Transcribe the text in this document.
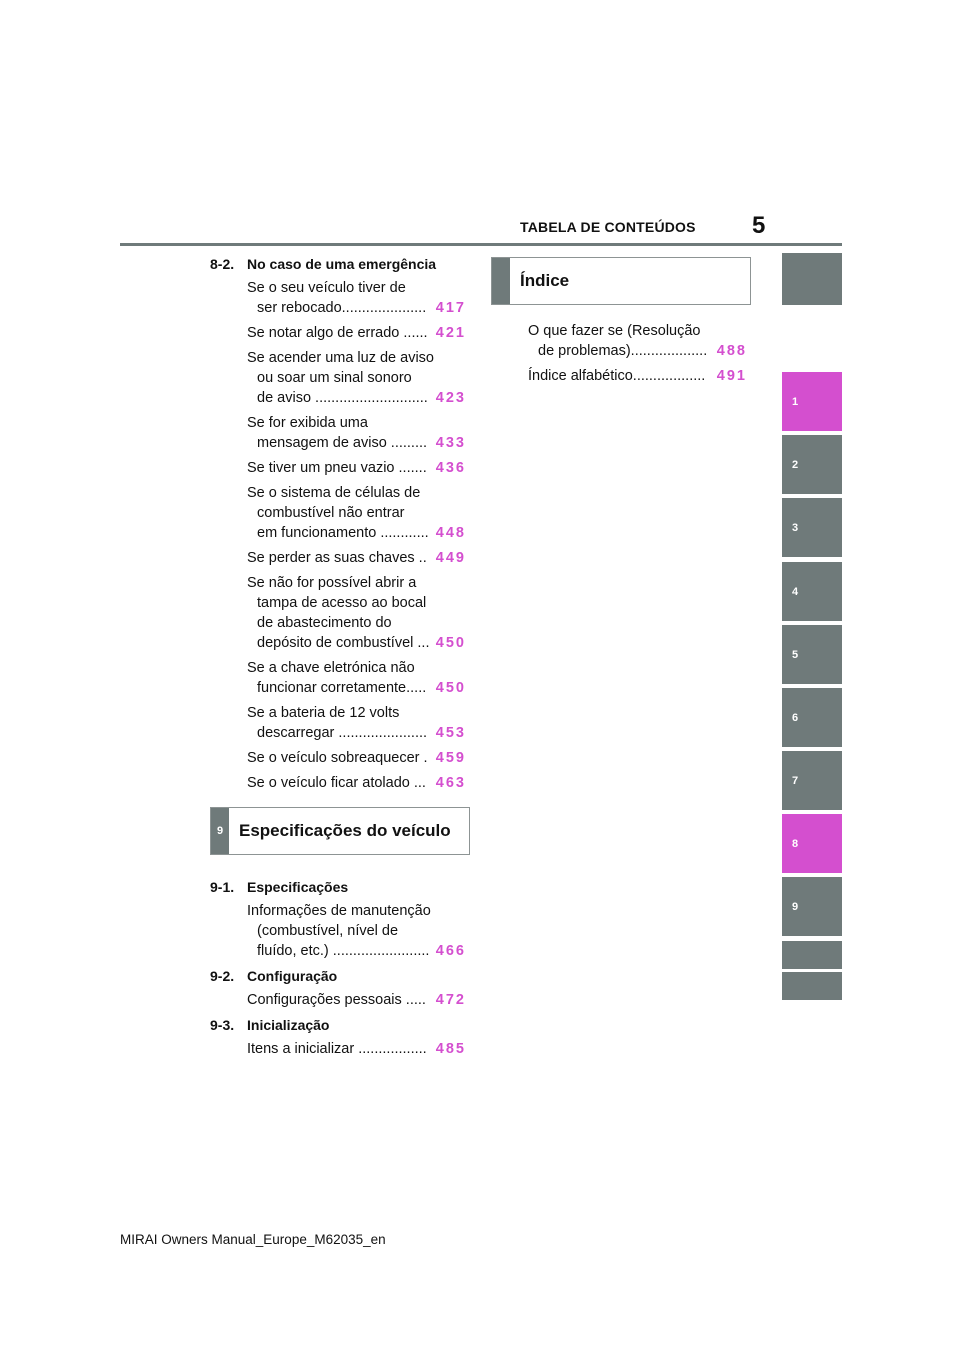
5
TABELA DE CONTEÚDOS
8-2. No caso de uma emergência
Se o seu veículo tiver de
ser rebocado..................... 417
Se notar algo de errado ...... 421
Se acender uma luz de aviso
ou soar um sinal sonoro
de aviso ............................ 423
Se for exibida uma
mensagem de aviso ......... 433
Se tiver um pneu vazio ....... 436
Se o sistema de células de
combustível não entrar
em funcionamento ............ 448
Se perder as suas chaves .. 449
Se não for possível abrir a
tampa de acesso ao bocal
de abastecimento do
depósito de combustível ... 450
Se a chave eletrónica não
funcionar corretamente..... 450
Se a bateria de 12 volts
descarregar ...................... 453
Se o veículo sobreaquecer . 459
Se o veículo ficar atolado ... 463
9 Especificações do veículo
9-1. Especificações
Informações de manutenção
(combustível, nível de
fluído, etc.) ........................ 466
9-2. Configuração
Configurações pessoais ..... 472
9-3. Inicialização
Itens a inicializar ................. 485
Índice
O que fazer se (Resolução
de problemas)................... 488
Índice alfabético.................. 491
1
2
3
4
5
6
7
8
9
MIRAI Owners Manual_Europe_M62035_en
